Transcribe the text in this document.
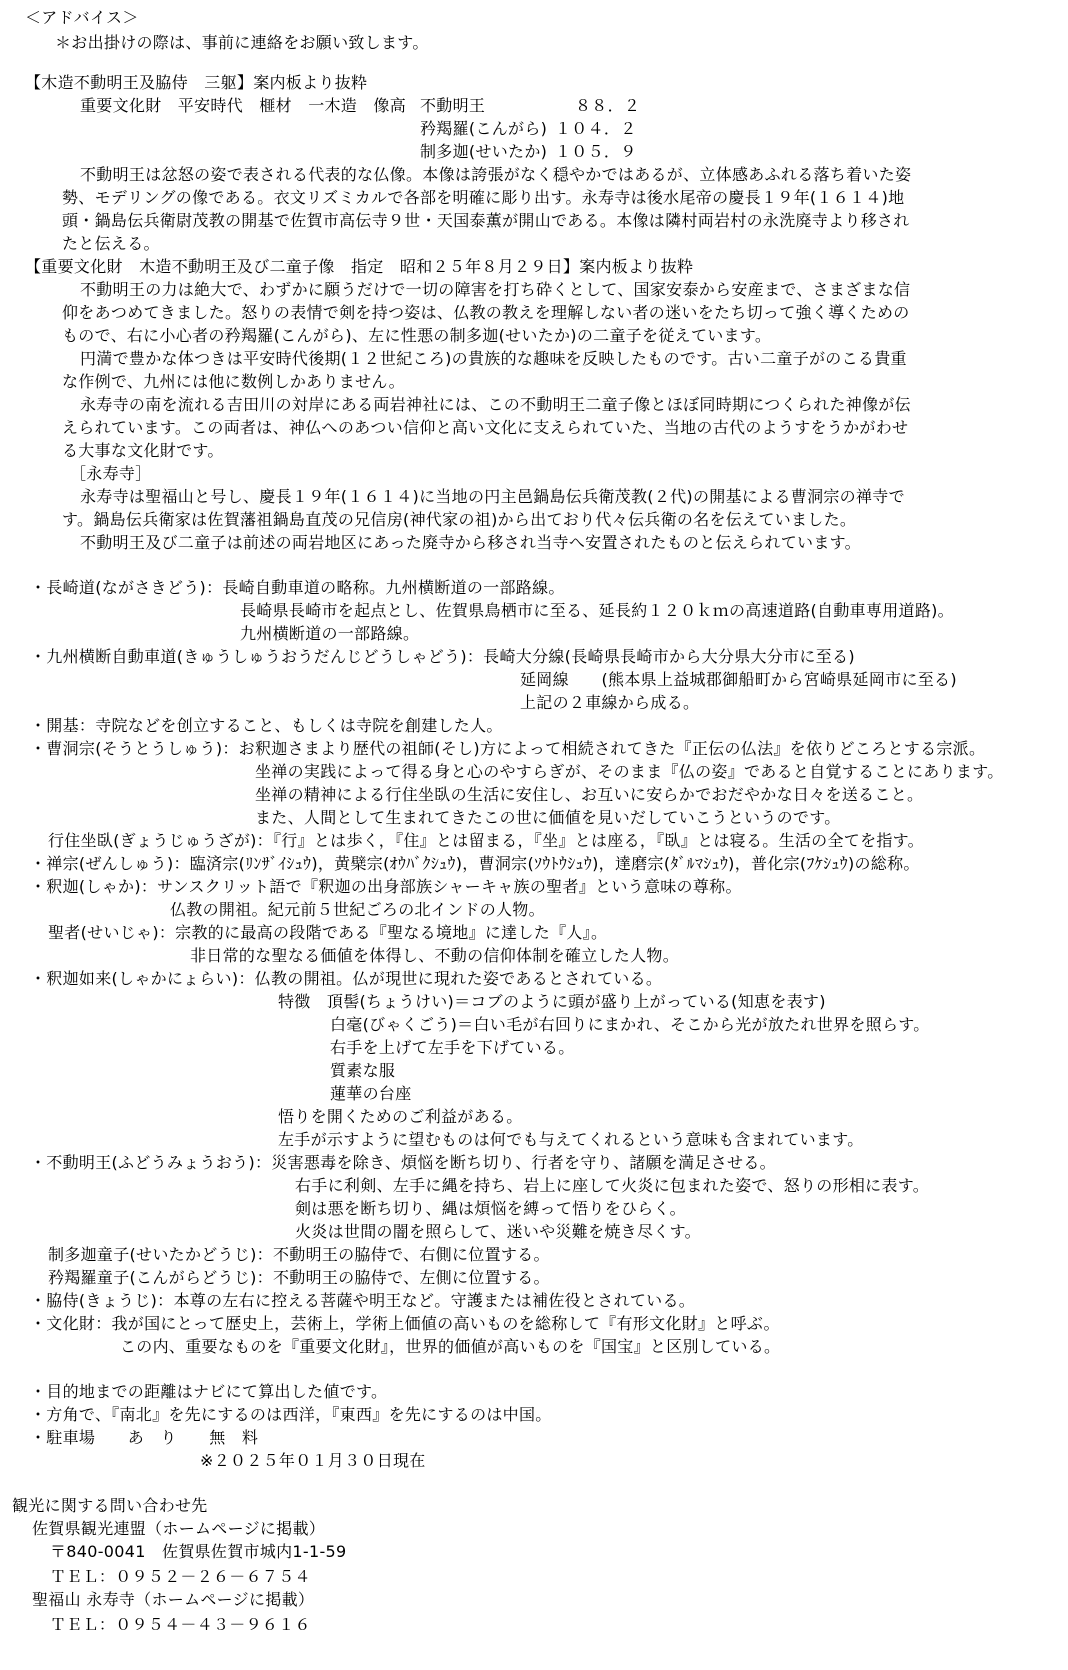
＜アドバイス＞
＊お出掛けの際は、事前に連絡をお願い致します。
【木造不動明王及脇侍　三躯】案内板より抜粋
重要文化財　平安時代　榧材　一木造　像高 不動明王	８８．２
矜羯羅(こんがら) １０４．２
制多迦(せいたか) １０５．９
不動明王は忿怒の姿で表される代表的な仏像。本像は誇張がなく穏やかではあるが、立体感あふれる落ち着いた姿
勢、モデリングの像である。衣文リズミカルで各部を明確に彫り出す。永寿寺は後水尾帝の慶長１９年(１６１４)地
頭・鍋島伝兵衛尉茂教の開基で佐賀市高伝寺９世・天国泰薫が開山である。本像は隣村両岩村の永洗廃寺より移され
たと伝える。
【重要文化財　木造不動明王及び二童子像　指定　昭和２５年８月２９日】案内板より抜粋
不動明王の力は絶大で、わずかに願うだけで一切の障害を打ち砕くとして、国家安泰から安産まで、さまざまな信
仰をあつめてきました。怒りの表情で剣を持つ姿は、仏教の教えを理解しない者の迷いをたち切って強く導くための
もので、右に小心者の矜羯羅(こんがら)、左に性悪の制多迦(せいたか)の二童子を従えています。
円満で豊かな体つきは平安時代後期(１２世紀ころ)の貴族的な趣味を反映したものです。古い二童子がのこる貴重
な作例で、九州には他に数例しかありません。
永寿寺の南を流れる吉田川の対岸にある両岩神社には、この不動明王二童子像とほぼ同時期につくられた神像が伝
えられています。この両者は、神仏へのあつい信仰と高い文化に支えられていた、当地の古代のようすをうかがわせ
る大事な文化財です。
［永寿寺］
永寿寺は聖福山と号し、慶長１９年(１６１４)に当地の円主邑鍋島伝兵衛茂教(２代)の開基による曹洞宗の禅寺で
す。鍋島伝兵衛家は佐賀藩祖鍋島直茂の兄信房(神代家の祖)から出ており代々伝兵衛の名を伝えていました。
不動明王及び二童子は前述の両岩地区にあった廃寺から移され当寺へ安置されたものと伝えられています。
・長崎道(ながさきどう)：長崎自動車道の略称。九州横断道の一部路線。
長崎県長崎市を起点とし、佐賀県鳥栖市に至る、延長約１２０ｋｍの高速道路(自動車専用道路)。
九州横断道の一部路線。
・九州横断自動車道(きゅうしゅうおうだんじどうしゃどう)：長崎大分線(長崎県長崎市から大分県大分市に至る)
延岡線　　(熊本県上益城郡御船町から宮崎県延岡市に至る)
上記の２車線から成る。
・開基：寺院などを创立すること、もしくは寺院を創建した人。
・曹洞宗(そうとうしゅう)：お釈迦さまより歴代の祖師(そし)方によって相続されてきた『正伝の仏法』を依りどころとする宗派。
坐禅の実践によって得る身と心のやすらぎが、そのまま『仏の姿』であると自覚することにあります。
坐禅の精神による行住坐臥の生活に安住し、お互いに安らかでおだやかな日々を送ること。
また、人間として生まれてきたこの世に価値を見いだしていこうというのです。
行住坐臥(ぎょうじゅうざが)：『行』とは歩く，『住』とは留まる，『坐』とは座る，『臥』とは寝る。生活の全てを指す。
・禅宗(ぜんしゅう)：臨済宗(ﾘﾝｻﾞｲｼｭｳ)，黄檗宗(ｵｳﾊﾞｸｼｭｳ)，曹洞宗(ｿｳﾄｳｼｭｳ)，達磨宗(ﾀﾞﾙﾏｼｭｳ)，普化宗(ﾌｹｼｭｳ)の総称。
・釈迦(しゃか)：サンスクリット語で『釈迦の出身部族シャーキャ族の聖者』という意味の尊称。
仏教の開祖。紀元前５世紀ごろの北インドの人物。
聖者(せいじゃ)：宗教的に最高の段階である『聖なる境地』に達した『人』。
非日常的な聖なる価値を体得し、不動の信仰体制を確立した人物。
・釈迦如来(しゃかにょらい)：仏教の開祖。仏が現世に現れた姿であるとされている。
特徴　頂髻(ちょうけい)＝コブのように頭が盛り上がっている(知恵を表す)
白毫(びゃくごう)＝白い毛が右回りにまかれ、そこから光が放たれ世界を照らす。
右手を上げて左手を下げている。
質素な服
蓮華の台座
悟りを開くためのご利益がある。
左手が示すように望むものは何でも与えてくれるという意味も含まれています。
・不動明王(ふどうみょうおう)：災害悪毒を除き、煩悩を断ち切り、行者を守り、諸願を満足させる。
右手に利剣、左手に縄を持ち、岩上に座して火炎に包まれた姿で、怒りの形相に表す。
剣は悪を断ち切り、縄は煩悩を縛って悟りをひらく。
火炎は世間の闇を照らして、迷いや災難を焼き尽くす。
制多迦童子(せいたかどうじ)：不動明王の脇侍で、右側に位置する。
矜羯羅童子(こんがらどうじ)：不動明王の脇侍で、左側に位置する。
・脇侍(きょうじ)：本尊の左右に控える菩薩や明王など。守護または補佐役とされている。
・文化財：我が国にとって歴史上，芸術上，学術上価値の高いものを総称して『有形文化財』と呼ぶ。
この内、重要なものを『重要文化財』，世界的価値が高いものを『国宝』と区別している。
・目的地までの距離はナビにて算出した値です。
・方角で、『南北』を先にするのは西洋，『東西』を先にするのは中国。
・駐車場　　あ　り　　無　料
※２０２５年０１月３０日現在
観光に関する問い合わせ先
佐賀県観光連盟（ホームページに掲載）
〒840-0041　佐賀県佐賀市城内1-1-59
ＴＥＬ：０９５２－２６－６７５４
聖福山 永寿寺（ホームページに掲載）
ＴＥＬ：０９５４－４３－９６１６
